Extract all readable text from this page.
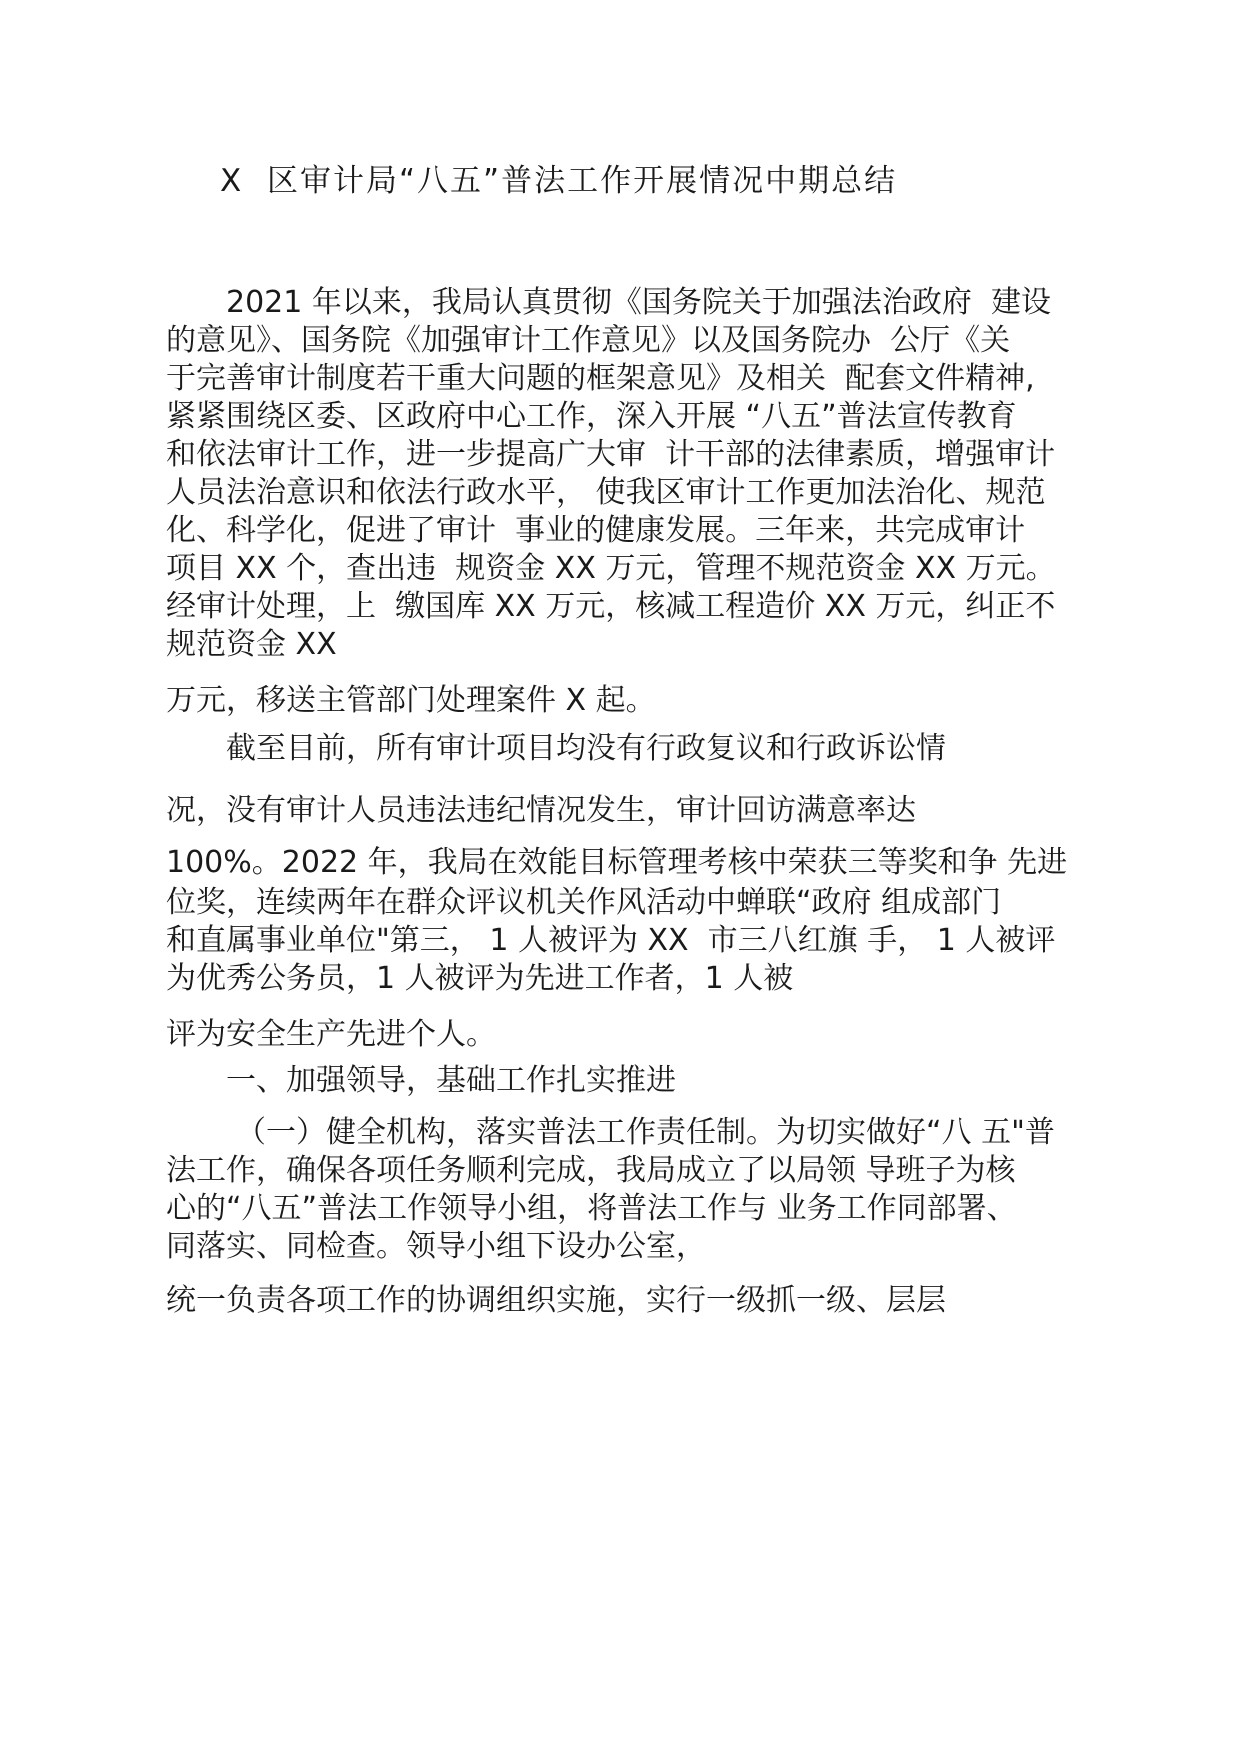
X  区审计局“八五”普法工作开展情况中期总结
2021 年以来，我局认真贯彻《国务院关于加强法治政府  建设
的意见》、国务院《加强审计工作意见》以及国务院办  公厅《关
于完善审计制度若干重大问题的框架意见》及相关  配套文件精神,
紧紧围绕区委、区政府中心工作，深入开展 “八五”普法宣传教育
和依法审计工作，进一步提高广大审  计干部的法律素质，增强审计
人员法治意识和依法行政水平， 使我区审计工作更加法治化、规范
化、科学化，促进了审计  事业的健康发展。三年来，共完成审计
项目 XX 个，查出违  规资金 XX 万元，管理不规范资金 XX 万元。
经审计处理，上  缴国库 XX 万元，核减工程造价 XX 万元，纠正不
规范资金 XX
万元，移送主管部门处理案件 X 起。
截至目前，所有审计项目均没有行政复议和行政诉讼情
况，没有审计人员违法违纪情况发生，审计回访满意率达
100%。2022 年，我局在效能目标管理考核中荣获三等奖和争 先进
位奖，连续两年在群众评议机关作风活动中蝉联“政府 组成部门
和直属事业单位"第三， 1 人被评为 XX  市三八红旗 手， 1 人被评
为优秀公务员，1 人被评为先进工作者，1 人被
评为安全生产先进个人。
一、加强领导，基础工作扎实推进
（一）健全机构，落实普法工作责任制。为切实做好“八 五"普
法工作，确保各项任务顺利完成，我局成立了以局领 导班子为核
心的“八五”普法工作领导小组，将普法工作与 业务工作同部署、
同落实、同检查。领导小组下设办公室，
统一负责各项工作的协调组织实施，实行一级抓一级、层层
